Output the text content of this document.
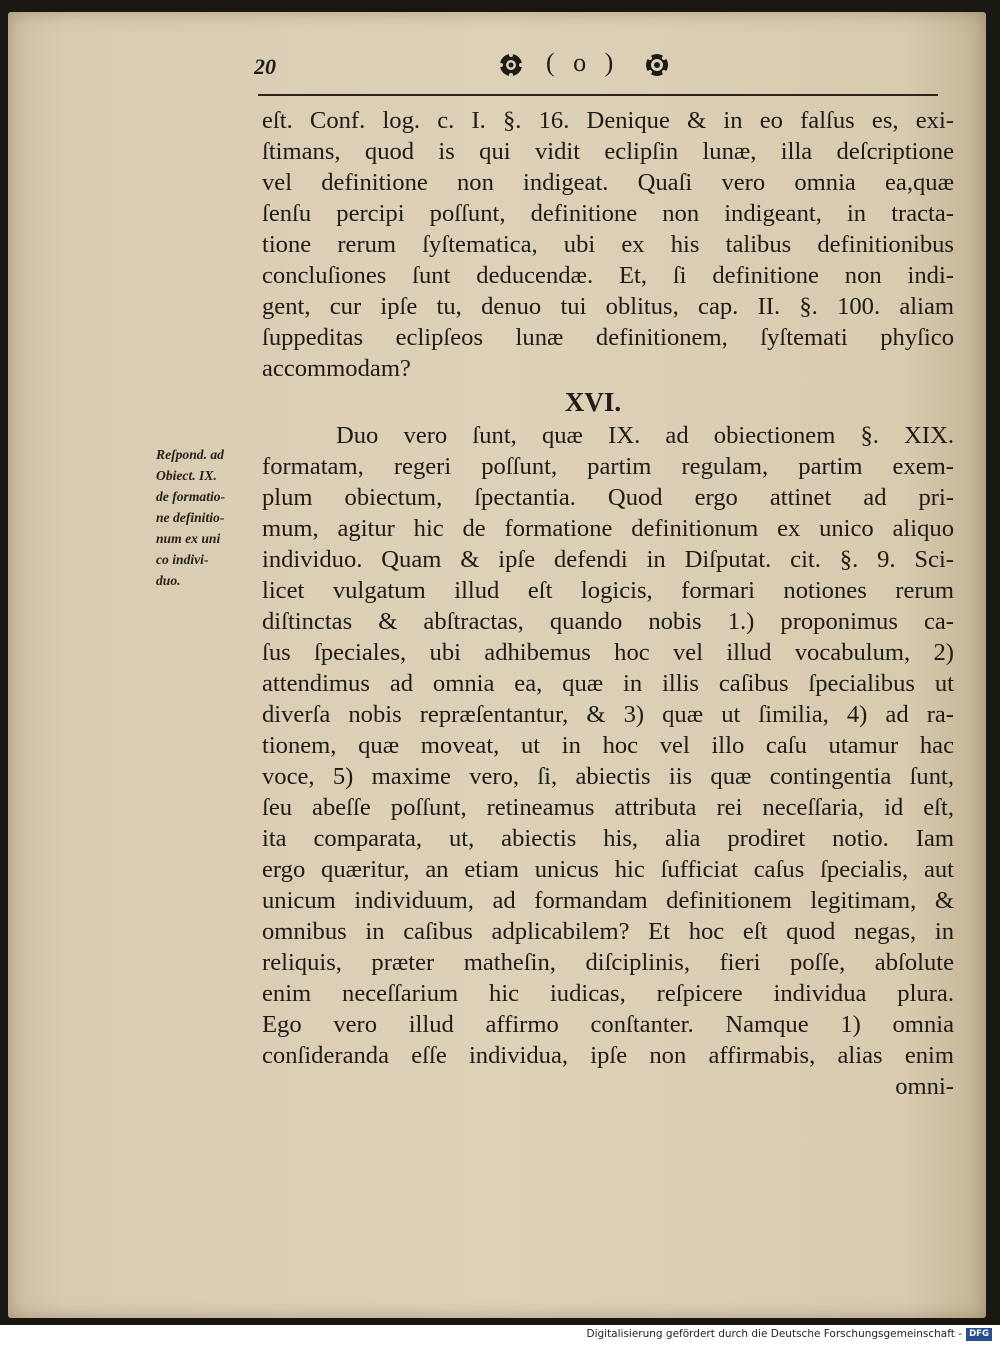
20	( o )
eſt. Conf. log. c. I. §. 16. Denique & in eo falſus es, exi-
ſtimans, quod is qui vidit eclipſin lunæ, illa deſcriptione
vel definitione non indigeat. Quaſi vero omnia ea,quæ
ſenſu percipi poſſunt, definitione non indigeant, in tracta-
tione rerum ſyſtematica, ubi ex his talibus definitionibus
concluſiones ſunt deducendæ. Et, ſi definitione non indi-
gent, cur ipſe tu, denuo tui oblitus, cap. II. §. 100. aliam
ſuppeditas eclipſeos lunæ definitionem, ſyſtemati phyſico
accommodam?
XVI.
Duo vero ſunt, quæ IX. ad obiectionem §. XIX.
formatam, regeri poſſunt, partim regulam, partim exem-
plum obiectum, ſpectantia. Quod ergo attinet ad pri-
mum, agitur hic de formatione definitionum ex unico aliquo
individuo. Quam & ipſe defendi in Diſputat. cit. §. 9. Sci-
licet vulgatum illud eſt logicis, formari notiones rerum
diſtinctas & abſtractas, quando nobis 1.) proponimus ca-
ſus ſpeciales, ubi adhibemus hoc vel illud vocabulum, 2)
attendimus ad omnia ea, quæ in illis caſibus ſpecialibus ut
diverſa nobis repræſentantur, & 3) quæ ut ſimilia, 4) ad ra-
tionem, quæ moveat, ut in hoc vel illo caſu utamur hac
voce, 5) maxime vero, ſi, abiectis iis quæ contingentia ſunt,
ſeu abeſſe poſſunt, retineamus attributa rei neceſſaria, id eſt,
ita comparata, ut, abiectis his, alia prodiret notio. Iam
ergo quæritur, an etiam unicus hic ſufficiat caſus ſpecialis, aut
unicum individuum, ad formandam definitionem legitimam, &
omnibus in caſibus adplicabilem? Et hoc eſt quod negas, in
reliquis, præter matheſin, diſciplinis, fieri poſſe, abſolute
enim neceſſarium hic iudicas, reſpicere individua plura.
Ego vero illud affirmo conſtanter. Namque 1) omnia
conſideranda eſſe individua, ipſe non affirmabis, alias enim
omni-
Reſpond. ad
Obiect. IX.
de formatio-
ne definitio-
num ex uni
co indivi-
duo.
Digitalisierung gefördert durch die Deutsche Forschungsgemeinschaft - DFG
